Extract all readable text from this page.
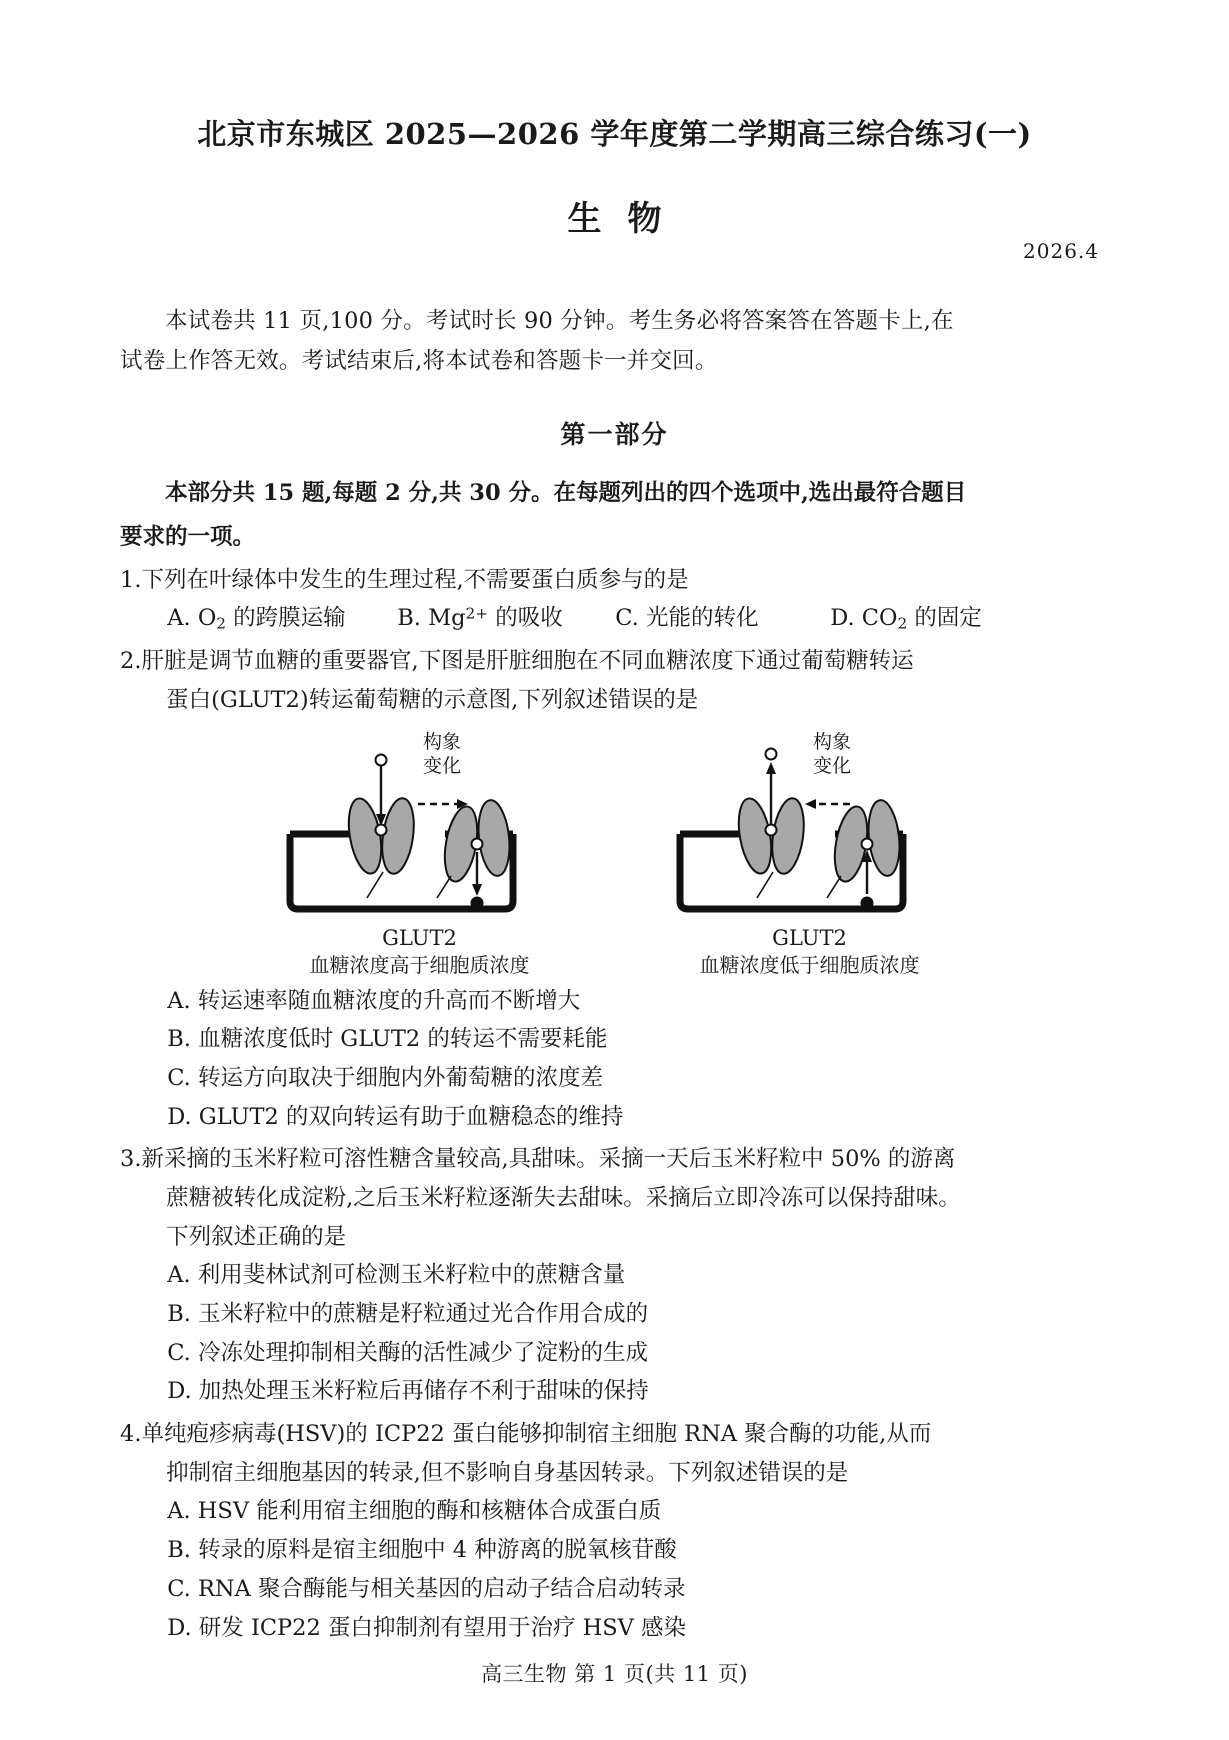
北京市东城区 2025—2026 学年度第二学期高三综合练习(一)
生物
2026.4
本试卷共 11 页,100 分。考试时长 90 分钟。考生务必将答案答在答题卡上,在
试卷上作答无效。考试结束后,将本试卷和答题卡一并交回。
第一部分
本部分共 15 题,每题 2 分,共 30 分。在每题列出的四个选项中,选出最符合题目
要求的一项。
1.下列在叶绿体中发生的生理过程,不需要蛋白质参与的是
A. $O_2$ 的跨膜运输	B. $Mg^{2+}$ 的吸收	C. 光能的转化	D. $CO_2$ 的固定
2.肝脏是调节血糖的重要器官,下图是肝脏细胞在不同血糖浓度下通过葡萄糖转运
蛋白(GLUT2)转运葡萄糖的示意图,下列叙述错误的是
构象
变化
GLUT2
血糖浓度高于细胞质浓度
构象
变化
GLUT2
血糖浓度低于细胞质浓度
A. 转运速率随血糖浓度的升高而不断增大
B. 血糖浓度低时 GLUT2 的转运不需要耗能
C. 转运方向取决于细胞内外葡萄糖的浓度差
D. GLUT2 的双向转运有助于血糖稳态的维持
3.新采摘的玉米籽粒可溶性糖含量较高,具甜味。采摘一天后玉米籽粒中 50% 的游离
蔗糖被转化成淀粉,之后玉米籽粒逐渐失去甜味。采摘后立即冷冻可以保持甜味。
下列叙述正确的是
A. 利用斐林试剂可检测玉米籽粒中的蔗糖含量
B. 玉米籽粒中的蔗糖是籽粒通过光合作用合成的
C. 冷冻处理抑制相关酶的活性减少了淀粉的生成
D. 加热处理玉米籽粒后再储存不利于甜味的保持
4.单纯疱疹病毒(HSV)的 ICP22 蛋白能够抑制宿主细胞 RNA 聚合酶的功能,从而
抑制宿主细胞基因的转录,但不影响自身基因转录。下列叙述错误的是
A. HSV 能利用宿主细胞的酶和核糖体合成蛋白质
B. 转录的原料是宿主细胞中 4 种游离的脱氧核苷酸
C. RNA 聚合酶能与相关基因的启动子结合启动转录
D. 研发 ICP22 蛋白抑制剂有望用于治疗 HSV 感染
高三生物 第 1 页(共 11 页)
